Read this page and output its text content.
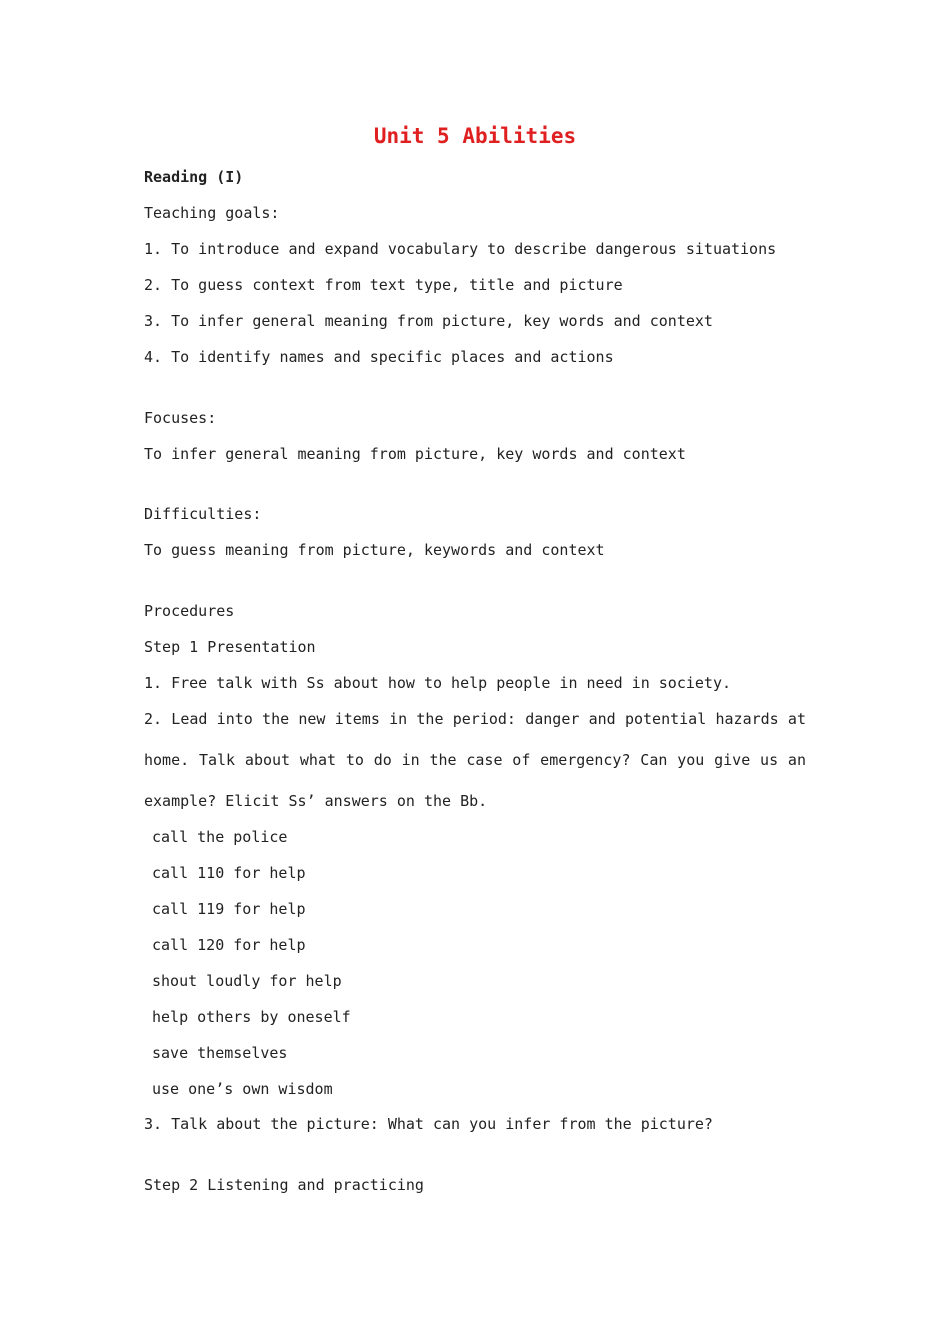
Unit 5 Abilities

Reading (I)

Teaching goals:

1. To introduce and expand vocabulary to describe dangerous situations

2. To guess context from text type, title and picture

3. To infer general meaning from picture, key words and context

4. To identify names and specific places and actions

Focuses:

To infer general meaning from picture, key words and context

Difficulties:

To guess meaning from picture, keywords and context

Procedures

Step 1 Presentation

1. Free talk with Ss about how to help people in need in society.

2. Lead into the new items in the period: danger and potential hazards at home. Talk about what to do in the case of emergency? Can you give us an example? Elicit Ss’ answers on the Bb.

call the police

call 110 for help

call 119 for help

call 120 for help

shout loudly for help

help others by oneself

save themselves

use one’s own wisdom

3. Talk about the picture: What can you infer from the picture?

Step 2 Listening and practicing
